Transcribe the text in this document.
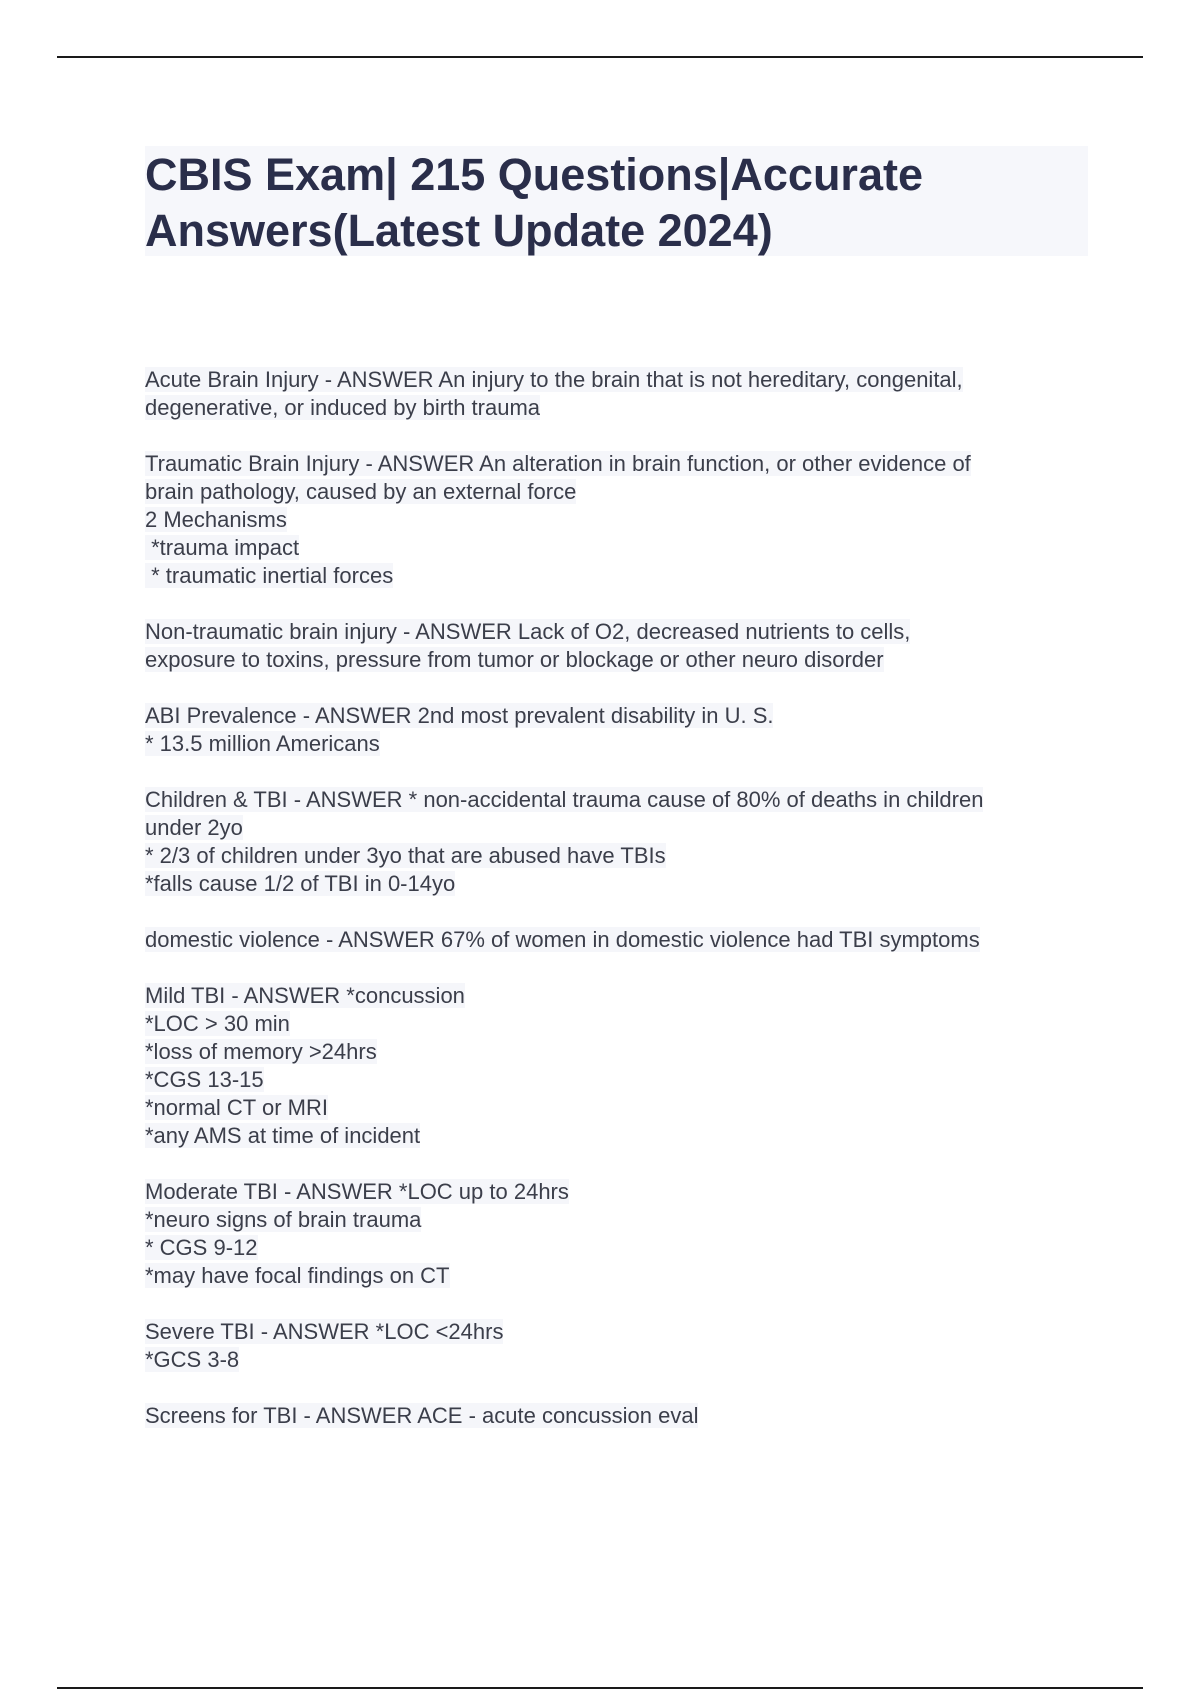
CBIS Exam| 215 Questions|Accurate
Answers(Latest Update 2024)
Acute Brain Injury - ANSWER An injury to the brain that is not hereditary, congenital,
degenerative, or induced by birth trauma
Traumatic Brain Injury - ANSWER An alteration in brain function, or other evidence of
brain pathology, caused by an external force
2 Mechanisms
*trauma impact
* traumatic inertial forces
Non-traumatic brain injury - ANSWER Lack of O2, decreased nutrients to cells,
exposure to toxins, pressure from tumor or blockage or other neuro disorder
ABI Prevalence - ANSWER 2nd most prevalent disability in U. S.
* 13.5 million Americans
Children & TBI - ANSWER * non-accidental trauma cause of 80% of deaths in children
under 2yo
* 2/3 of children under 3yo that are abused have TBIs
*falls cause 1/2 of TBI in 0-14yo
domestic violence - ANSWER 67% of women in domestic violence had TBI symptoms
Mild TBI - ANSWER *concussion
*LOC > 30 min
*loss of memory >24hrs
*CGS 13-15
*normal CT or MRI
*any AMS at time of incident
Moderate TBI - ANSWER *LOC up to 24hrs
*neuro signs of brain trauma
* CGS 9-12
*may have focal findings on CT
Severe TBI - ANSWER *LOC <24hrs
*GCS 3-8
Screens for TBI - ANSWER ACE - acute concussion eval
